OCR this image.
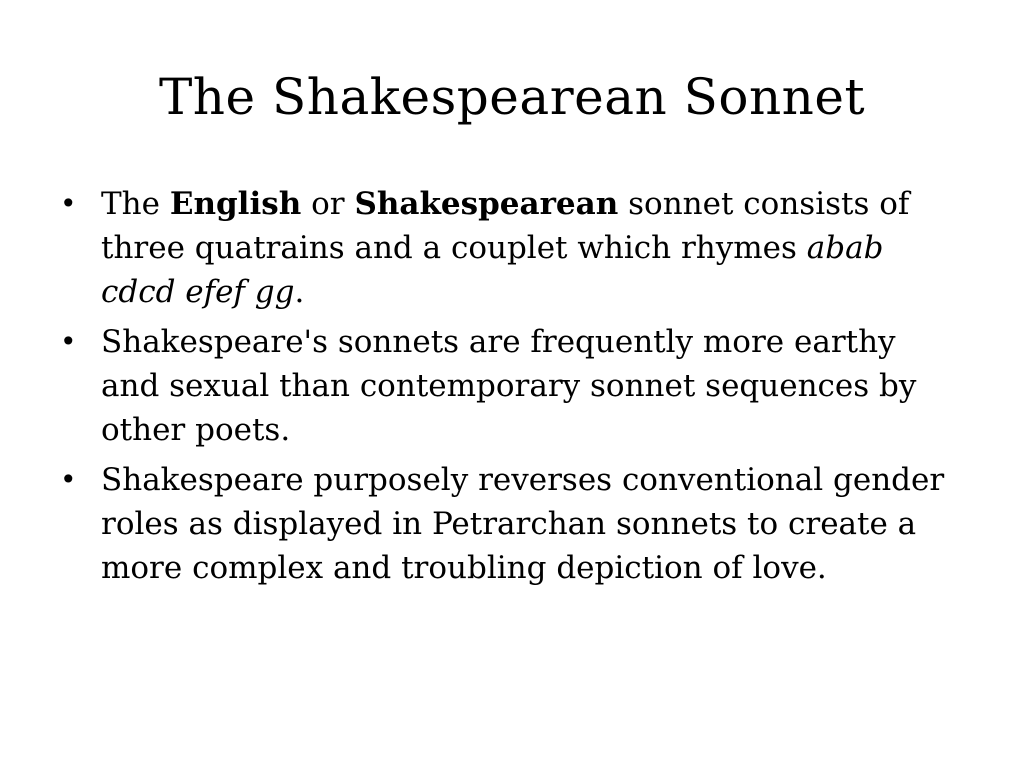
The Shakespearean Sonnet
• The English or Shakespearean sonnet consists of three quatrains and a couplet which rhymes abab cdcd efef gg.
• Shakespeare's sonnets are frequently more earthy and sexual than contemporary sonnet sequences by other poets.
• Shakespeare purposely reverses conventional gender roles as displayed in Petrarchan sonnets to create a more complex and troubling depiction of love.
